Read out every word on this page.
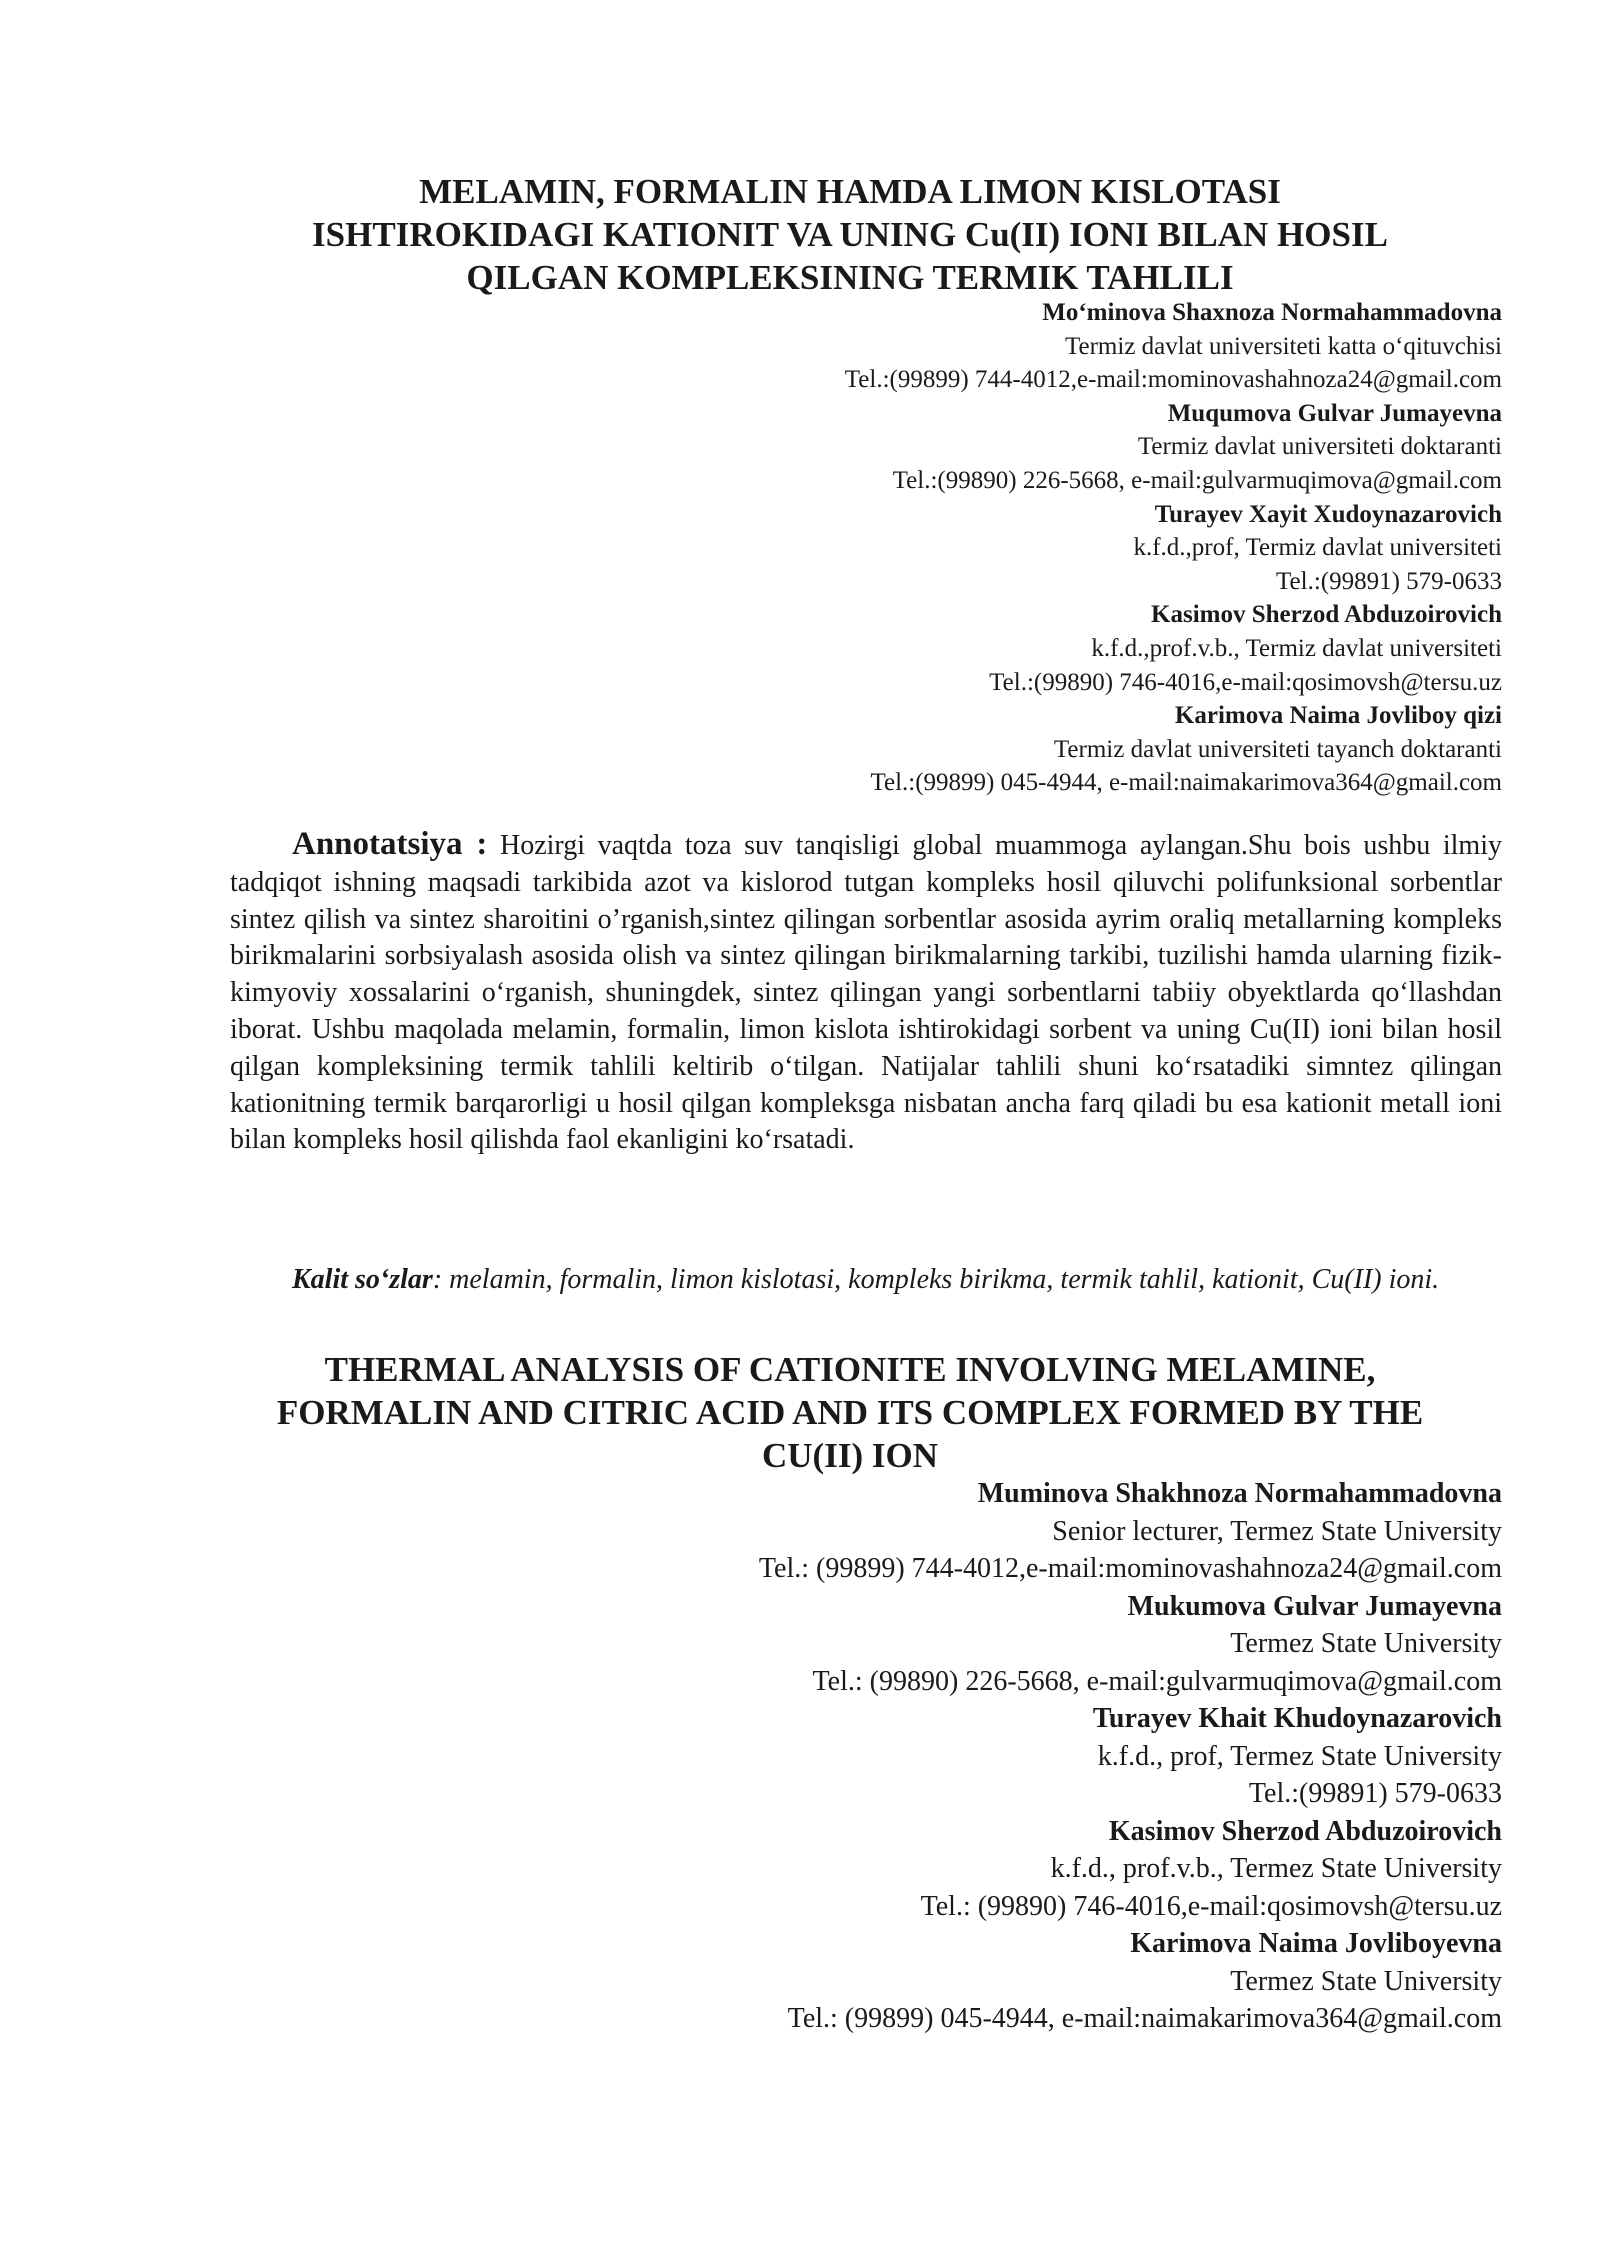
MELAMIN, FORMALIN HAMDA LIMON KISLOTASI
ISHTIROKIDAGI KATIONIT VA UNING Cu(II) IONI BILAN HOSIL
QILGAN KOMPLEKSINING TERMIK TAHLILI
Mo‘minova Shaxnoza Normahammadovna
Termiz davlat universiteti katta o‘qituvchisi
Tel.:(99899) 744-4012,e-mail:mominovashahnoza24@gmail.com
Muqumova Gulvar Jumayevna
Termiz davlat universiteti doktaranti
Tel.:(99890) 226-5668, e-mail:gulvarmuqimova@gmail.com
Turayev Xayit Xudoynazarovich
k.f.d.,prof, Termiz davlat universiteti
Tel.:(99891) 579-0633
Kasimov Sherzod Abduzoirovich
k.f.d.,prof.v.b., Termiz davlat universiteti
Tel.:(99890) 746-4016,e-mail:qosimovsh@tersu.uz
Karimova Naima Jovliboy qizi
Termiz davlat universiteti tayanch doktaranti
Tel.:(99899) 045-4944, e-mail:naimakarimova364@gmail.com

Annotatsiya : Hozirgi vaqtda toza suv tanqisligi global muammoga aylangan.Shu bois ushbu ilmiy tadqiqot ishning maqsadi tarkibida azot va kislorod tutgan kompleks hosil qiluvchi polifunksional sorbentlar sintez qilish va sintez sharoitini o’rganish,sintez qilingan sorbentlar asosida ayrim oraliq metallarning kompleks birikmalarini sorbsiyalash asosida olish va sintez qilingan birikmalarning tarkibi, tuzilishi hamda ularning fizik-kimyoviy xossalarini o‘rganish, shuningdek, sintez qilingan yangi sorbentlarni tabiiy obyektlarda qo‘llashdan iborat. Ushbu maqolada melamin, formalin, limon kislota ishtirokidagi sorbent va uning Cu(II) ioni bilan hosil qilgan kompleksining termik tahlili keltirib o‘tilgan. Natijalar tahlili shuni ko‘rsatadiki simntez qilingan kationitning termik barqarorligi u hosil qilgan kompleksga nisbatan ancha farq qiladi bu esa kationit metall ioni bilan kompleks hosil qilishda faol ekanligini ko‘rsatadi.

Kalit so‘zlar: melamin, formalin, limon kislotasi, kompleks birikma, termik tahlil, kationit, Cu(II) ioni.

THERMAL ANALYSIS OF CATIONITE INVOLVING MELAMINE,
FORMALIN AND CITRIC ACID AND ITS COMPLEX FORMED BY THE
CU(II) ION
Muminova Shakhnoza Normahammadovna
Senior lecturer, Termez State University
Tel.: (99899) 744-4012,e-mail:mominovashahnoza24@gmail.com
Mukumova Gulvar Jumayevna
Termez State University
Tel.: (99890) 226-5668, e-mail:gulvarmuqimova@gmail.com
Turayev Khait Khudoynazarovich
k.f.d., prof, Termez State University
Tel.:(99891) 579-0633
Kasimov Sherzod Abduzoirovich
k.f.d., prof.v.b., Termez State University
Tel.: (99890) 746-4016,e-mail:qosimovsh@tersu.uz
Karimova Naima Jovliboyevna
Termez State University
Tel.: (99899) 045-4944, e-mail:naimakarimova364@gmail.com
